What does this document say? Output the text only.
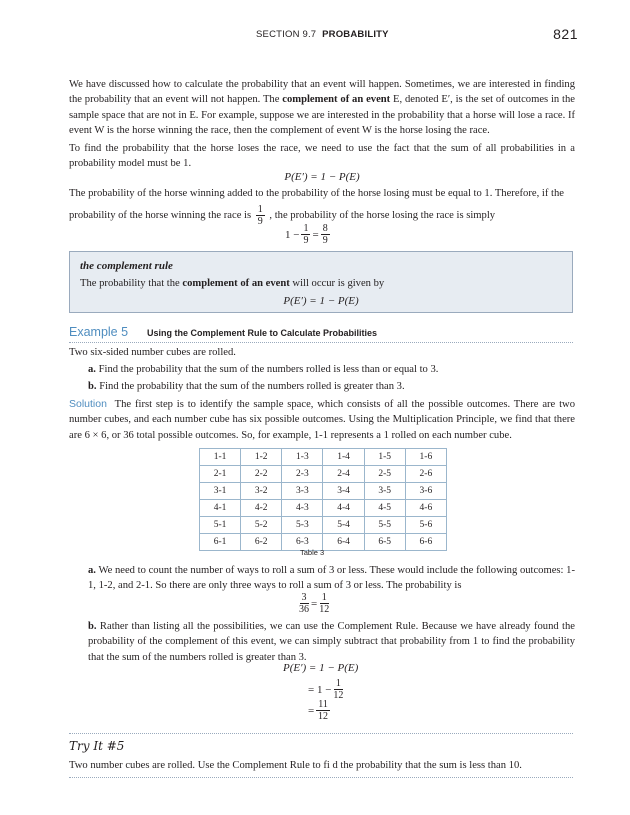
SECTION 9.7 PROBABILITY	821
We have discussed how to calculate the probability that an event will happen. Sometimes, we are interested in finding the probability that an event will not happen. The complement of an event E, denoted E′, is the set of outcomes in the sample space that are not in E. For example, suppose we are interested in the probability that a horse will lose a race. If event W is the horse winning the race, then the complement of event W is the horse losing the race.
To find the probability that the horse loses the race, we need to use the fact that the sum of all probabilities in a probability model must be 1.
P(E′) = 1 − P(E)
The probability of the horse winning added to the probability of the horse losing must be equal to 1. Therefore, if the
probability of the horse winning the race is $\frac{1}{9}$ , the probability of the horse losing the race is simply
$1 - \frac{1}{9} = \frac{8}{9}$
the complement rule
The probability that the complement of an event will occur is given by
P(E′) = 1 − P(E)
Example 5 Using the Complement Rule to Calculate Probabilities
Two six-sided number cubes are rolled.
a. Find the probability that the sum of the numbers rolled is less than or equal to 3.
b. Find the probability that the sum of the numbers rolled is greater than 3.
Solution The first step is to identify the sample space, which consists of all the possible outcomes. There are two number cubes, and each number cube has six possible outcomes. Using the Multiplication Principle, we find that there are 6 × 6, or 36 total possible outcomes. So, for example, 1-1 represents a 1 rolled on each number cube.
1-1	1-2	1-3	1-4	1-5	1-6
2-1	2-2	2-3	2-4	2-5	2-6
3-1	3-2	3-3	3-4	3-5	3-6
4-1	4-2	4-3	4-4	4-5	4-6
5-1	5-2	5-3	5-4	5-5	5-6
6-1	6-2	6-3	6-4	6-5	6-6
Table 3
a. We need to count the number of ways to roll a sum of 3 or less. These would include the following outcomes: 1-1, 1-2, and 2-1. So there are only three ways to roll a sum of 3 or less. The probability is
$\frac{3}{36} = \frac{1}{12}$
b. Rather than listing all the possibilities, we can use the Complement Rule. Because we have already found the probability of the complement of this event, we can simply subtract that probability from 1 to find the probability that the sum of the numbers rolled is greater than 3.
P(E′) = 1 − P(E)
= $1 - \frac{1}{12}$
= $\frac{11}{12}$
Try It #5
Two number cubes are rolled. Use the Complement Rule to fi d the probability that the sum is less than 10.
